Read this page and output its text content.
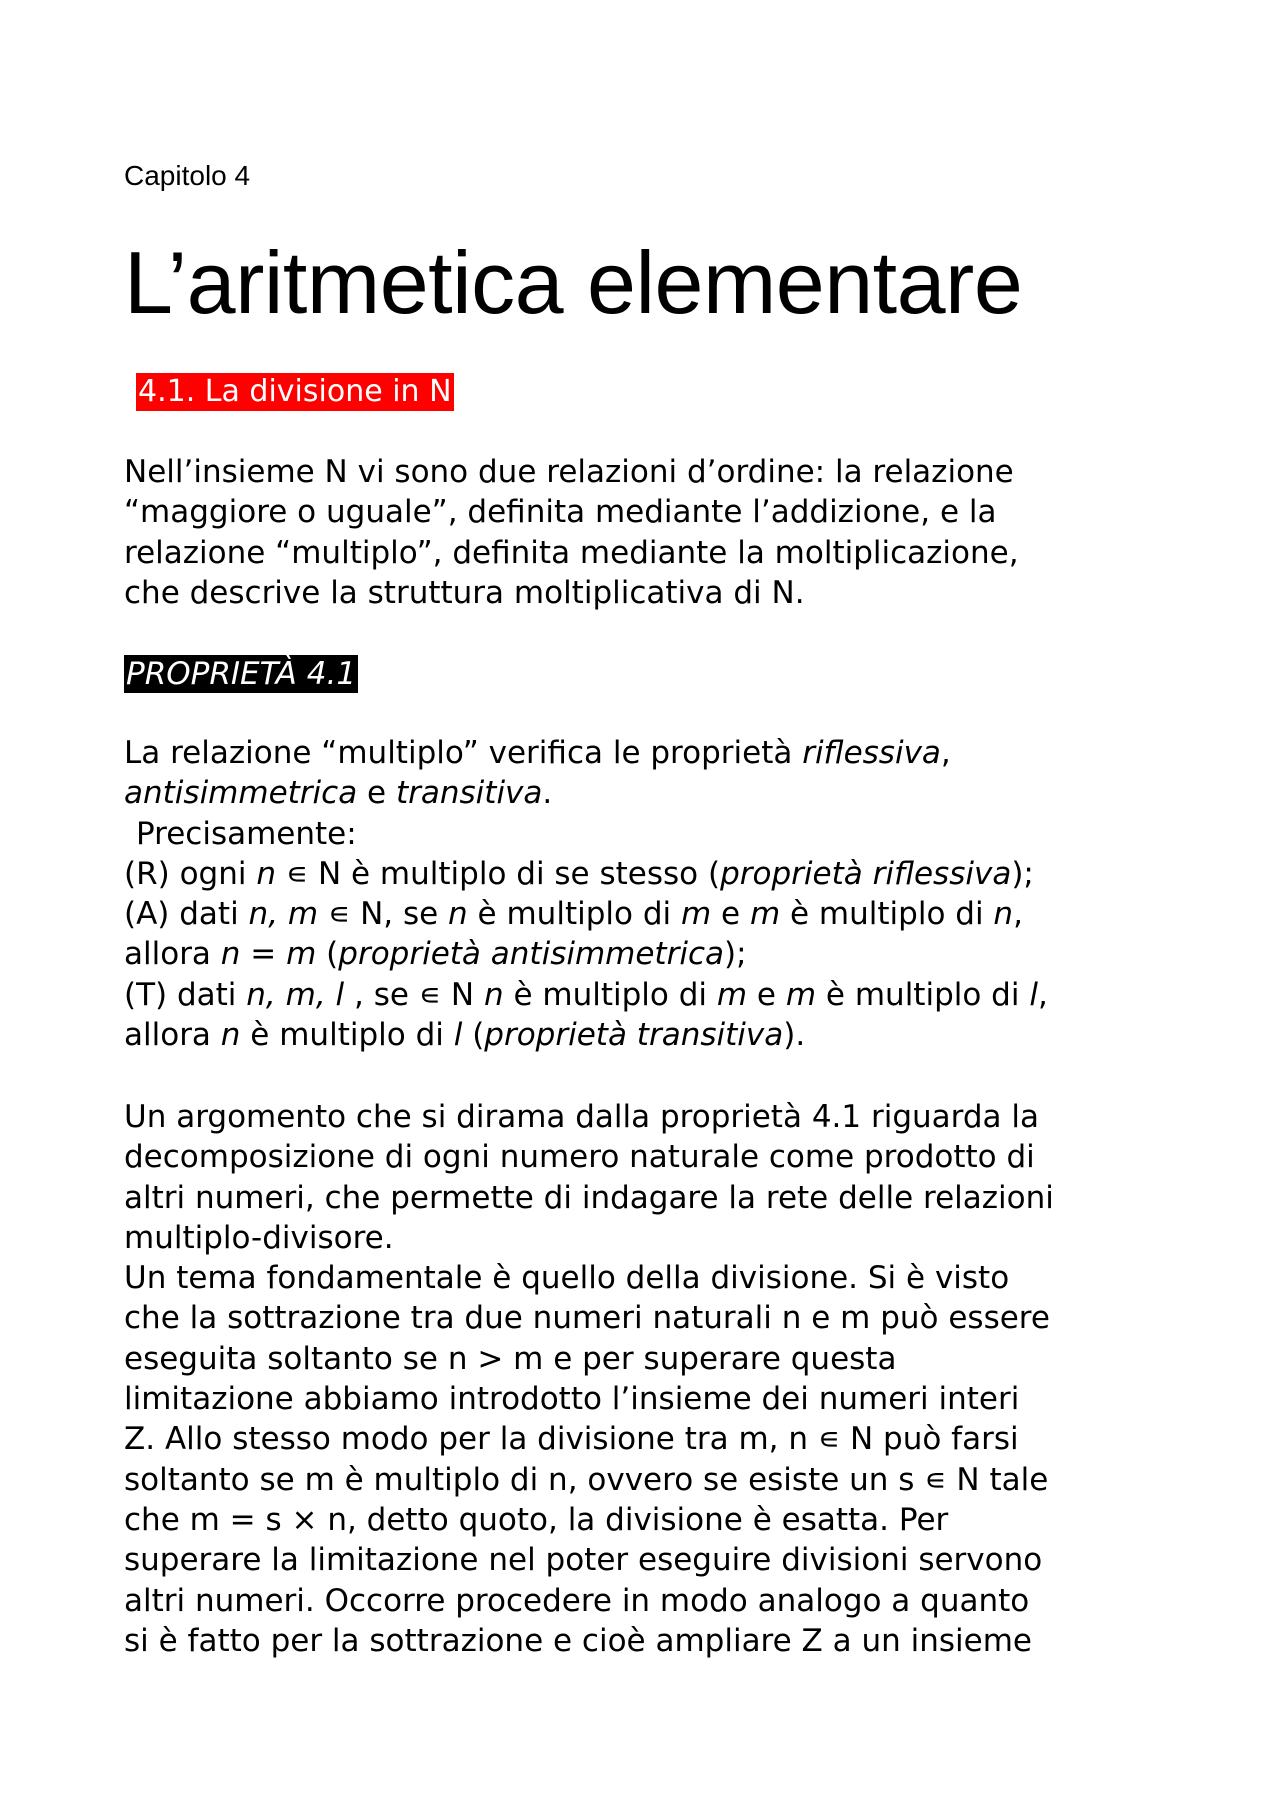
Capitolo 4
L’aritmetica elementare
4.1. La divisione in N

Nell’insieme N vi sono due relazioni d’ordine: la relazione

“maggiore o uguale”, definita mediante l’addizione, e la

relazione “multiplo”, definita mediante la moltiplicazione,

che descrive la struttura moltiplicativa di N.

PROPRIETÀ 4.1

La relazione “multiplo” verifica le proprietà riflessiva,

antisimmetrica e transitiva.

Precisamente:

(R) ogni n ∊ N è multiplo di se stesso (proprietà riflessiva);

(A) dati n, m ∊ N, se n è multiplo di m e m è multiplo di n,

allora n = m (proprietà antisimmetrica);

(T) dati n, m, l , se ∊ N n è multiplo di m e m è multiplo di l,

allora n è multiplo di l (proprietà transitiva).

Un argomento che si dirama dalla proprietà 4.1 riguarda la

decomposizione di ogni numero naturale come prodotto di

altri numeri, che permette di indagare la rete delle relazioni

multiplo-divisore.

Un tema fondamentale è quello della divisione. Si è visto

che la sottrazione tra due numeri naturali n e m può essere

eseguita soltanto se n > m e per superare questa

limitazione abbiamo introdotto l’insieme dei numeri interi

Z. Allo stesso modo per la divisione tra m, n ∊ N può farsi

soltanto se m è multiplo di n, ovvero se esiste un s ∊ N tale

che m = s × n, detto quoto, la divisione è esatta. Per

superare la limitazione nel poter eseguire divisioni servono

altri numeri. Occorre procedere in modo analogo a quanto

si è fatto per la sottrazione e cioè ampliare Z a un insieme
